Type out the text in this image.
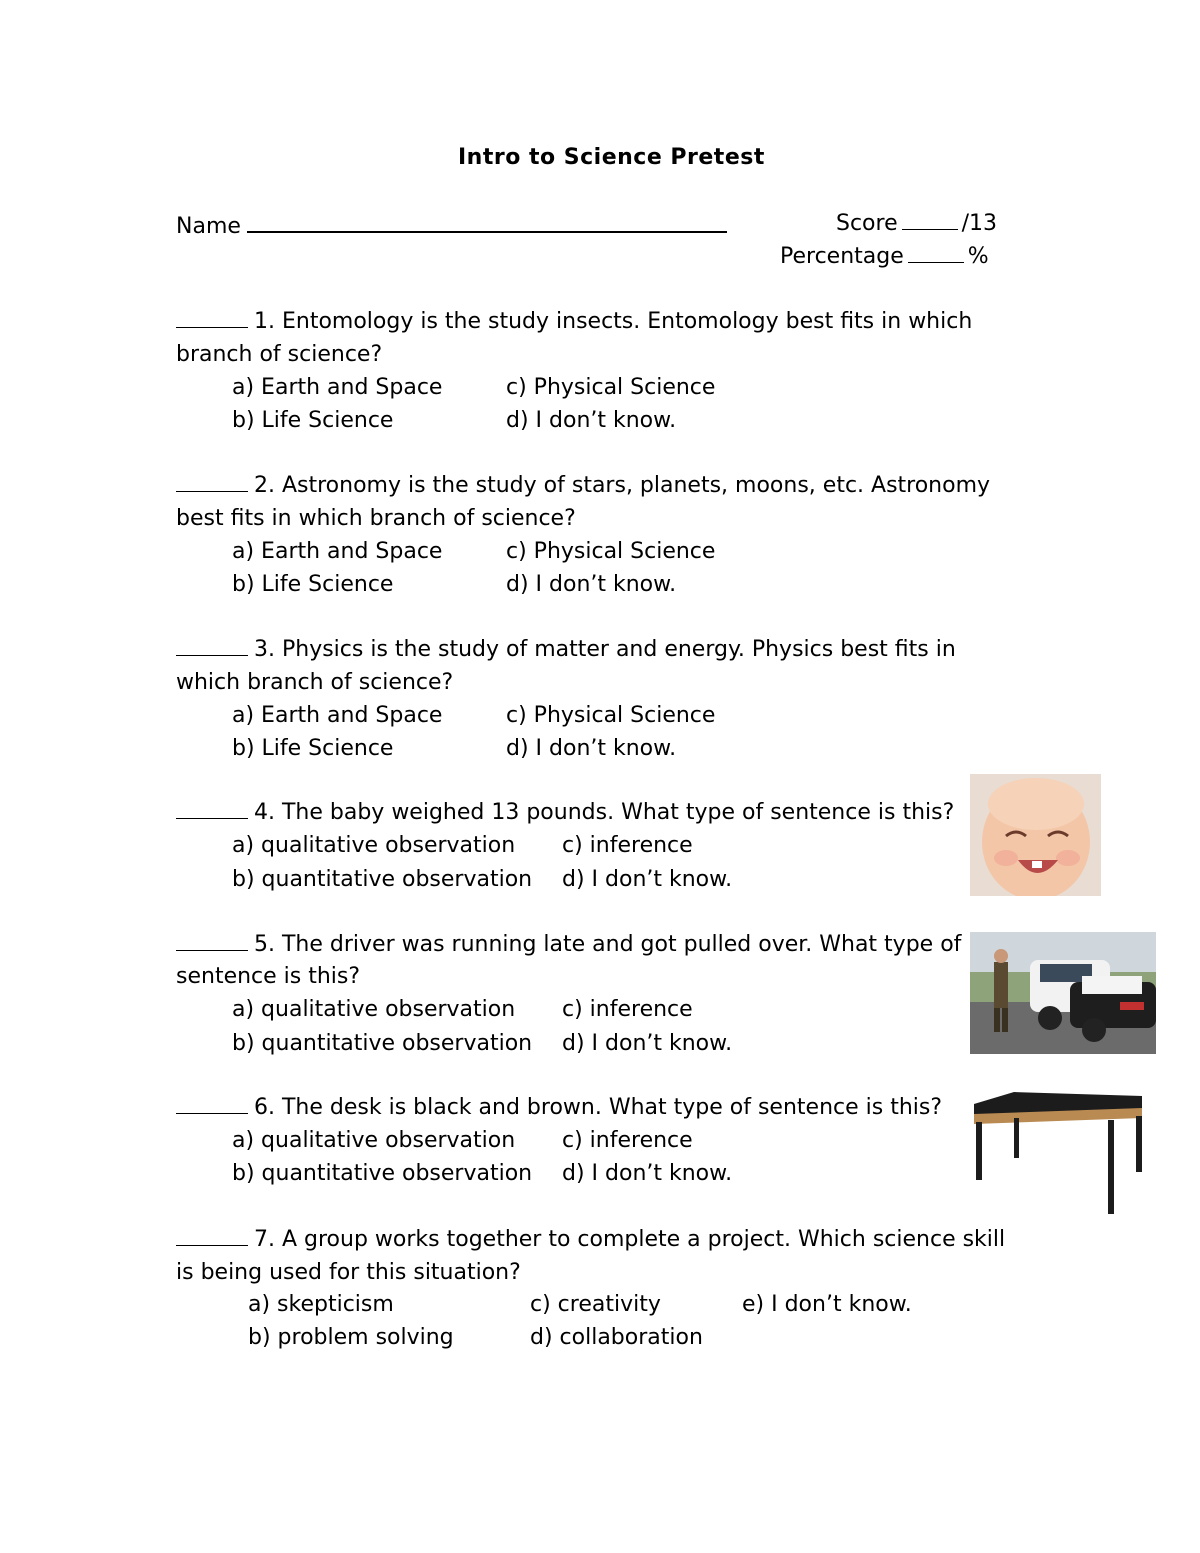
Intro to Science Pretest
Name	Score	/13
Percentage	%
1. Entomology is the study insects. Entomology best fits in which
branch of science?
a) Earth and Space	c) Physical Science
b) Life Science	d) I don’t know.
2. Astronomy is the study of stars, planets, moons, etc. Astronomy
best fits in which branch of science?
a) Earth and Space	c) Physical Science
b) Life Science	d) I don’t know.
3. Physics is the study of matter and energy. Physics best fits in
which branch of science?
a) Earth and Space	c) Physical Science
b) Life Science	d) I don’t know.
4. The baby weighed 13 pounds. What type of sentence is this?
a) qualitative observation c) inference
b) quantitative observation d) I don’t know.
5. The driver was running late and got pulled over. What type of
sentence is this?
a) qualitative observation c) inference
b) quantitative observation d) I don’t know.
6. The desk is black and brown. What type of sentence is this?
a) qualitative observation c) inference
b) quantitative observation d) I don’t know.
7. A group works together to complete a project. Which science skill
is being used for this situation?
a) skepticism	c) creativity	e) I don’t know.
b) problem solving	d) collaboration
